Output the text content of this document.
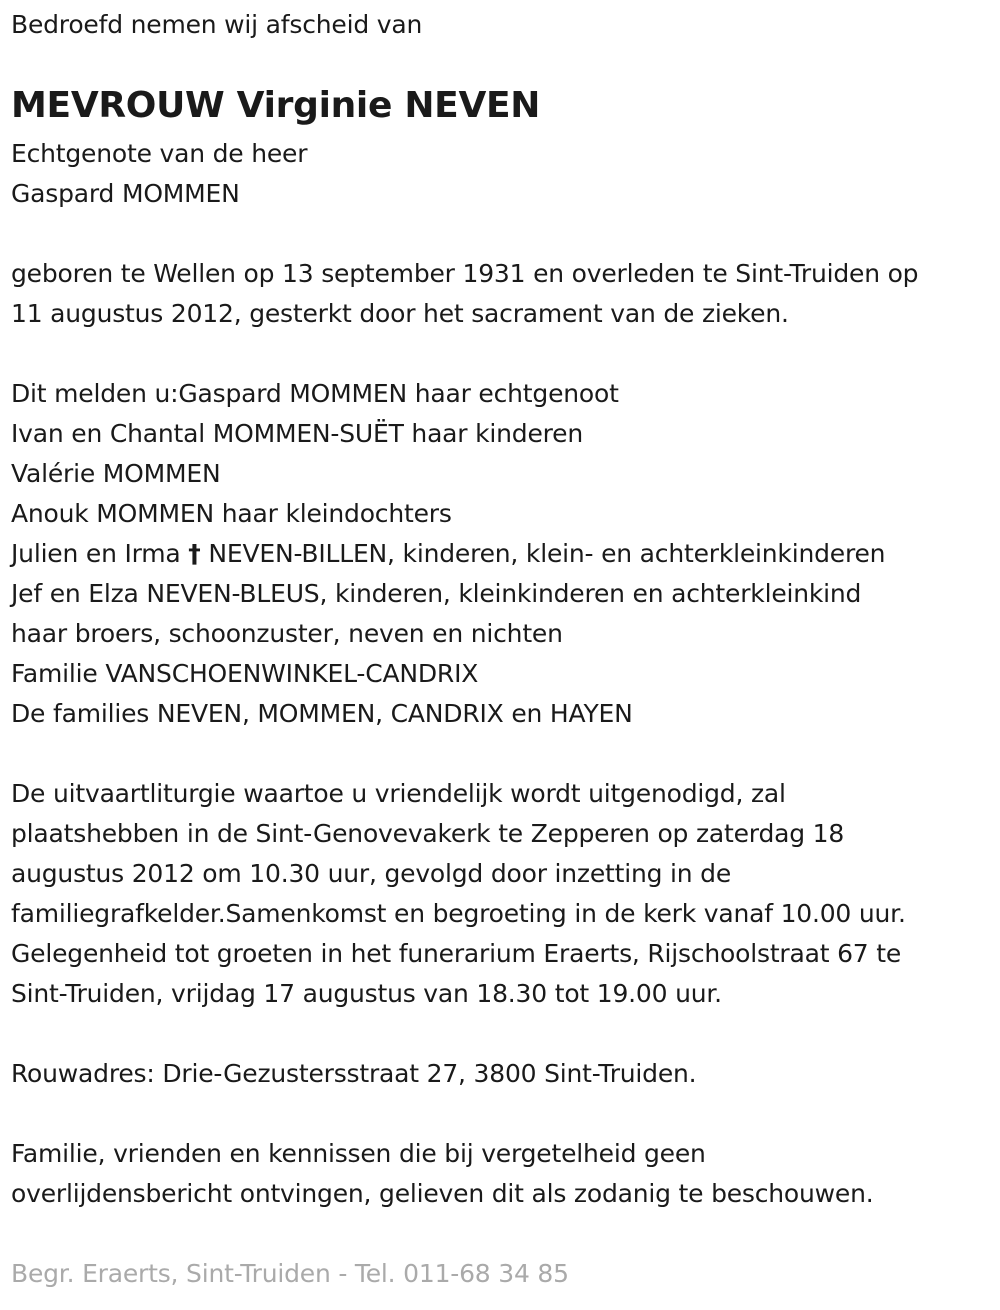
Bedroefd nemen wij afscheid van
MEVROUW Virginie NEVEN
Echtgenote van de heer
Gaspard MOMMEN
geboren te Wellen op 13 september 1931 en overleden te Sint-Truiden op
11 augustus 2012, gesterkt door het sacrament van de zieken.
Dit melden u:Gaspard MOMMEN haar echtgenoot
Ivan en Chantal MOMMEN-SUËT haar kinderen
Valérie MOMMEN
Anouk MOMMEN haar kleindochters
Julien en Irma † NEVEN-BILLEN, kinderen, klein- en achterkleinkinderen
Jef en Elza NEVEN-BLEUS, kinderen, kleinkinderen en achterkleinkind
haar broers, schoonzuster, neven en nichten
Familie VANSCHOENWINKEL-CANDRIX
De families NEVEN, MOMMEN, CANDRIX en HAYEN
De uitvaartliturgie waartoe u vriendelijk wordt uitgenodigd, zal
plaatshebben in de Sint-Genovevakerk te Zepperen op zaterdag 18
augustus 2012 om 10.30 uur, gevolgd door inzetting in de
familiegrafkelder.Samenkomst en begroeting in de kerk vanaf 10.00 uur.
Gelegenheid tot groeten in het funerarium Eraerts, Rijschoolstraat 67 te
Sint-Truiden, vrijdag 17 augustus van 18.30 tot 19.00 uur.
Rouwadres: Drie-Gezustersstraat 27, 3800 Sint-Truiden.
Familie, vrienden en kennissen die bij vergetelheid geen
overlijdensbericht ontvingen, gelieven dit als zodanig te beschouwen.
Begr. Eraerts, Sint-Truiden - Tel. 011-68 34 85
